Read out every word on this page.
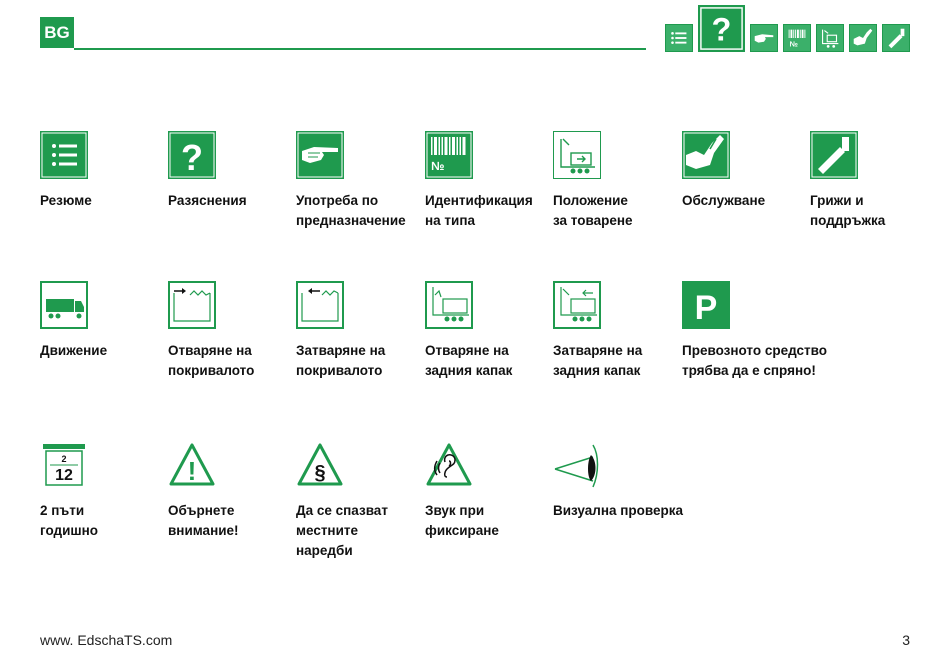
BG	?	№
Резюме
?
Разяснения	Употреба по
предназначение
№
Идентификация
на типа
Положение
за товарене
Обслужване	Грижи и
поддръжка
Движение	Отваряне на
покривалото
Затваряне на
покривалото
Отваряне на
задния капак
Затваряне на
задния капак
P
Превозното средство
трябва да е спряно!
2
12
2 пъти
годишно
!
Обърнете
внимание!
§
Да се спазват
местните
наредби
Звук при
фиксиране
Визуална проверка
www. EdschaTS.com	3
